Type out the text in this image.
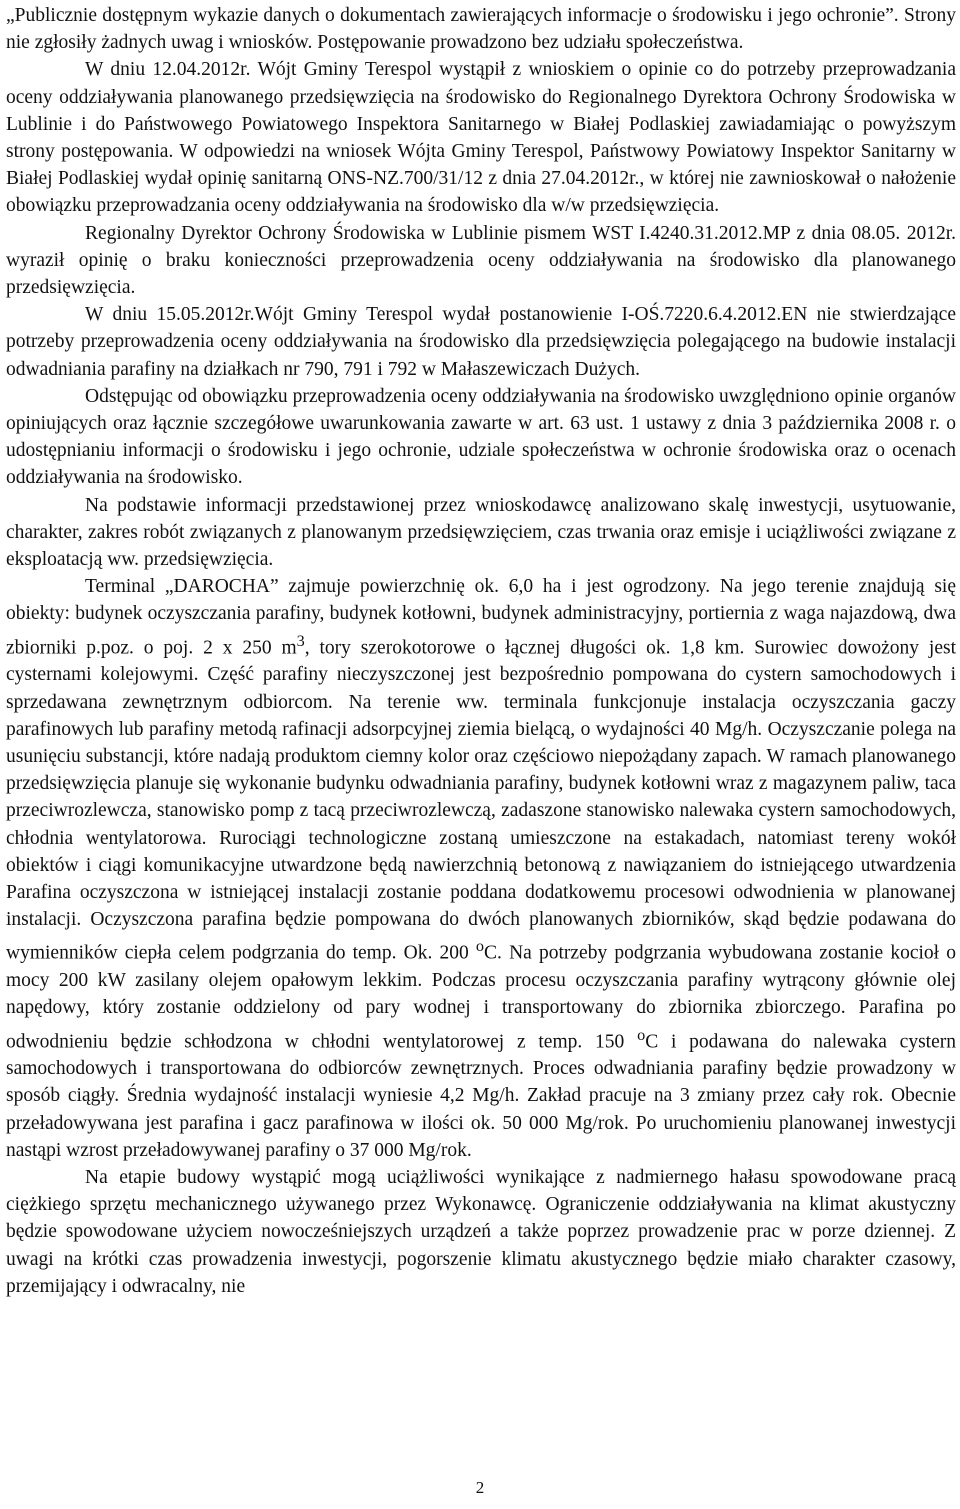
„Publicznie dostępnym wykazie danych o dokumentach zawierających informacje o środowisku i jego ochronie”. Strony nie zgłosiły żadnych uwag i wniosków. Postępowanie prowadzono bez udziału społeczeństwa.

W dniu 12.04.2012r. Wójt Gminy Terespol wystąpił z wnioskiem o opinie co do potrzeby przeprowadzania oceny oddziaływania planowanego przedsięwzięcia na środowisko do Regionalnego Dyrektora Ochrony Środowiska w Lublinie i do Państwowego Powiatowego Inspektora Sanitarnego w Białej Podlaskiej zawiadamiając o powyższym strony postępowania. W odpowiedzi na wniosek Wójta Gminy Terespol, Państwowy Powiatowy Inspektor Sanitarny w Białej Podlaskiej wydał opinię sanitarną ONS-NZ.700/31/12 z dnia 27.04.2012r., w której nie zawnioskował o nałożenie obowiązku przeprowadzania oceny oddziaływania na środowisko dla w/w przedsięwzięcia.

Regionalny Dyrektor Ochrony Środowiska w Lublinie pismem WST I.4240.31.2012.MP z dnia 08.05. 2012r. wyraził opinię o braku konieczności przeprowadzenia oceny oddziaływania na środowisko dla planowanego przedsięwzięcia.

W dniu 15.05.2012r.Wójt Gminy Terespol wydał postanowienie I-OŚ.7220.6.4.2012.EN nie stwierdzające potrzeby przeprowadzenia oceny oddziaływania na środowisko dla przedsięwzięcia polegającego na budowie instalacji odwadniania parafiny na działkach nr 790, 791 i 792 w Małaszewiczach Dużych.

Odstępując od obowiązku przeprowadzenia oceny oddziaływania na środowisko uwzględniono opinie organów opiniujących oraz łącznie szczegółowe uwarunkowania zawarte w art. 63 ust. 1 ustawy z dnia 3 października 2008 r. o udostępnianiu informacji o środowisku i jego ochronie, udziale społeczeństwa w ochronie środowiska oraz o ocenach oddziaływania na środowisko.

Na podstawie informacji przedstawionej przez wnioskodawcę analizowano skalę inwestycji, usytuowanie, charakter, zakres robót związanych z planowanym przedsięwzięciem, czas trwania oraz emisje i uciążliwości związane z eksploatacją ww. przedsięwzięcia.

Terminal „DAROCHA” zajmuje powierzchnię ok. 6,0 ha i jest ogrodzony. Na jego terenie znajdują się obiekty: budynek oczyszczania parafiny, budynek kotłowni, budynek administracyjny, portiernia z waga najazdową, dwa zbiorniki p.poz. o poj. 2 x 250 $m^3$, tory szerokotorowe o łącznej długości ok. 1,8 km. Surowiec dowożony jest cysternami kolejowymi. Część parafiny nieczyszczonej jest bezpośrednio pompowana do cystern samochodowych i sprzedawana zewnętrznym odbiorcom. Na terenie ww. terminala funkcjonuje instalacja oczyszczania gaczy parafinowych lub parafiny metodą rafinacji adsorpcyjnej ziemia bielącą, o wydajności 40 Mg/h. Oczyszczanie polega na usunięciu substancji, które nadają produktom ciemny kolor oraz częściowo niepożądany zapach. W ramach planowanego przedsięwzięcia planuje się wykonanie budynku odwadniania parafiny, budynek kotłowni wraz z magazynem paliw, taca przeciwrozlewcza, stanowisko pomp z tacą przeciwrozlewczą, zadaszone stanowisko nalewaka cystern samochodowych, chłodnia wentylatorowa. Rurociągi technologiczne zostaną umieszczone na estakadach, natomiast tereny wokół obiektów i ciągi komunikacyjne utwardzone będą nawierzchnią betonową z nawiązaniem do istniejącego utwardzenia Parafina oczyszczona w istniejącej instalacji zostanie poddana dodatkowemu procesowi odwodnienia w planowanej instalacji. Oczyszczona parafina będzie pompowana do dwóch planowanych zbiorników, skąd będzie podawana do wymienników ciepła celem podgrzania do temp. Ok. 200 $^o$C. Na potrzeby podgrzania wybudowana zostanie kocioł o mocy 200 kW zasilany olejem opałowym lekkim. Podczas procesu oczyszczania parafiny wytrącony głównie olej napędowy, który zostanie oddzielony od pary wodnej i transportowany do zbiornika zbiorczego. Parafina po odwodnieniu będzie schłodzona w chłodni wentylatorowej z temp. 150 $^o$C i podawana do nalewaka cystern samochodowych i transportowana do odbiorców zewnętrznych. Proces odwadniania parafiny będzie prowadzony w sposób ciągły. Średnia wydajność instalacji wyniesie 4,2 Mg/h. Zakład pracuje na 3 zmiany przez cały rok. Obecnie przeładowywana jest parafina i gacz parafinowa w ilości ok. 50 000 Mg/rok. Po uruchomieniu planowanej inwestycji nastąpi wzrost przeładowywanej parafiny o 37 000 Mg/rok.

Na etapie budowy wystąpić mogą uciążliwości wynikające z nadmiernego hałasu spowodowane pracą ciężkiego sprzętu mechanicznego używanego przez Wykonawcę. Ograniczenie oddziaływania na klimat akustyczny będzie spowodowane użyciem nowocześniejszych urządzeń a także poprzez prowadzenie prac w porze dziennej. Z uwagi na krótki czas prowadzenia inwestycji, pogorszenie klimatu akustycznego będzie miało charakter czasowy, przemijający i odwracalny, nie

2
